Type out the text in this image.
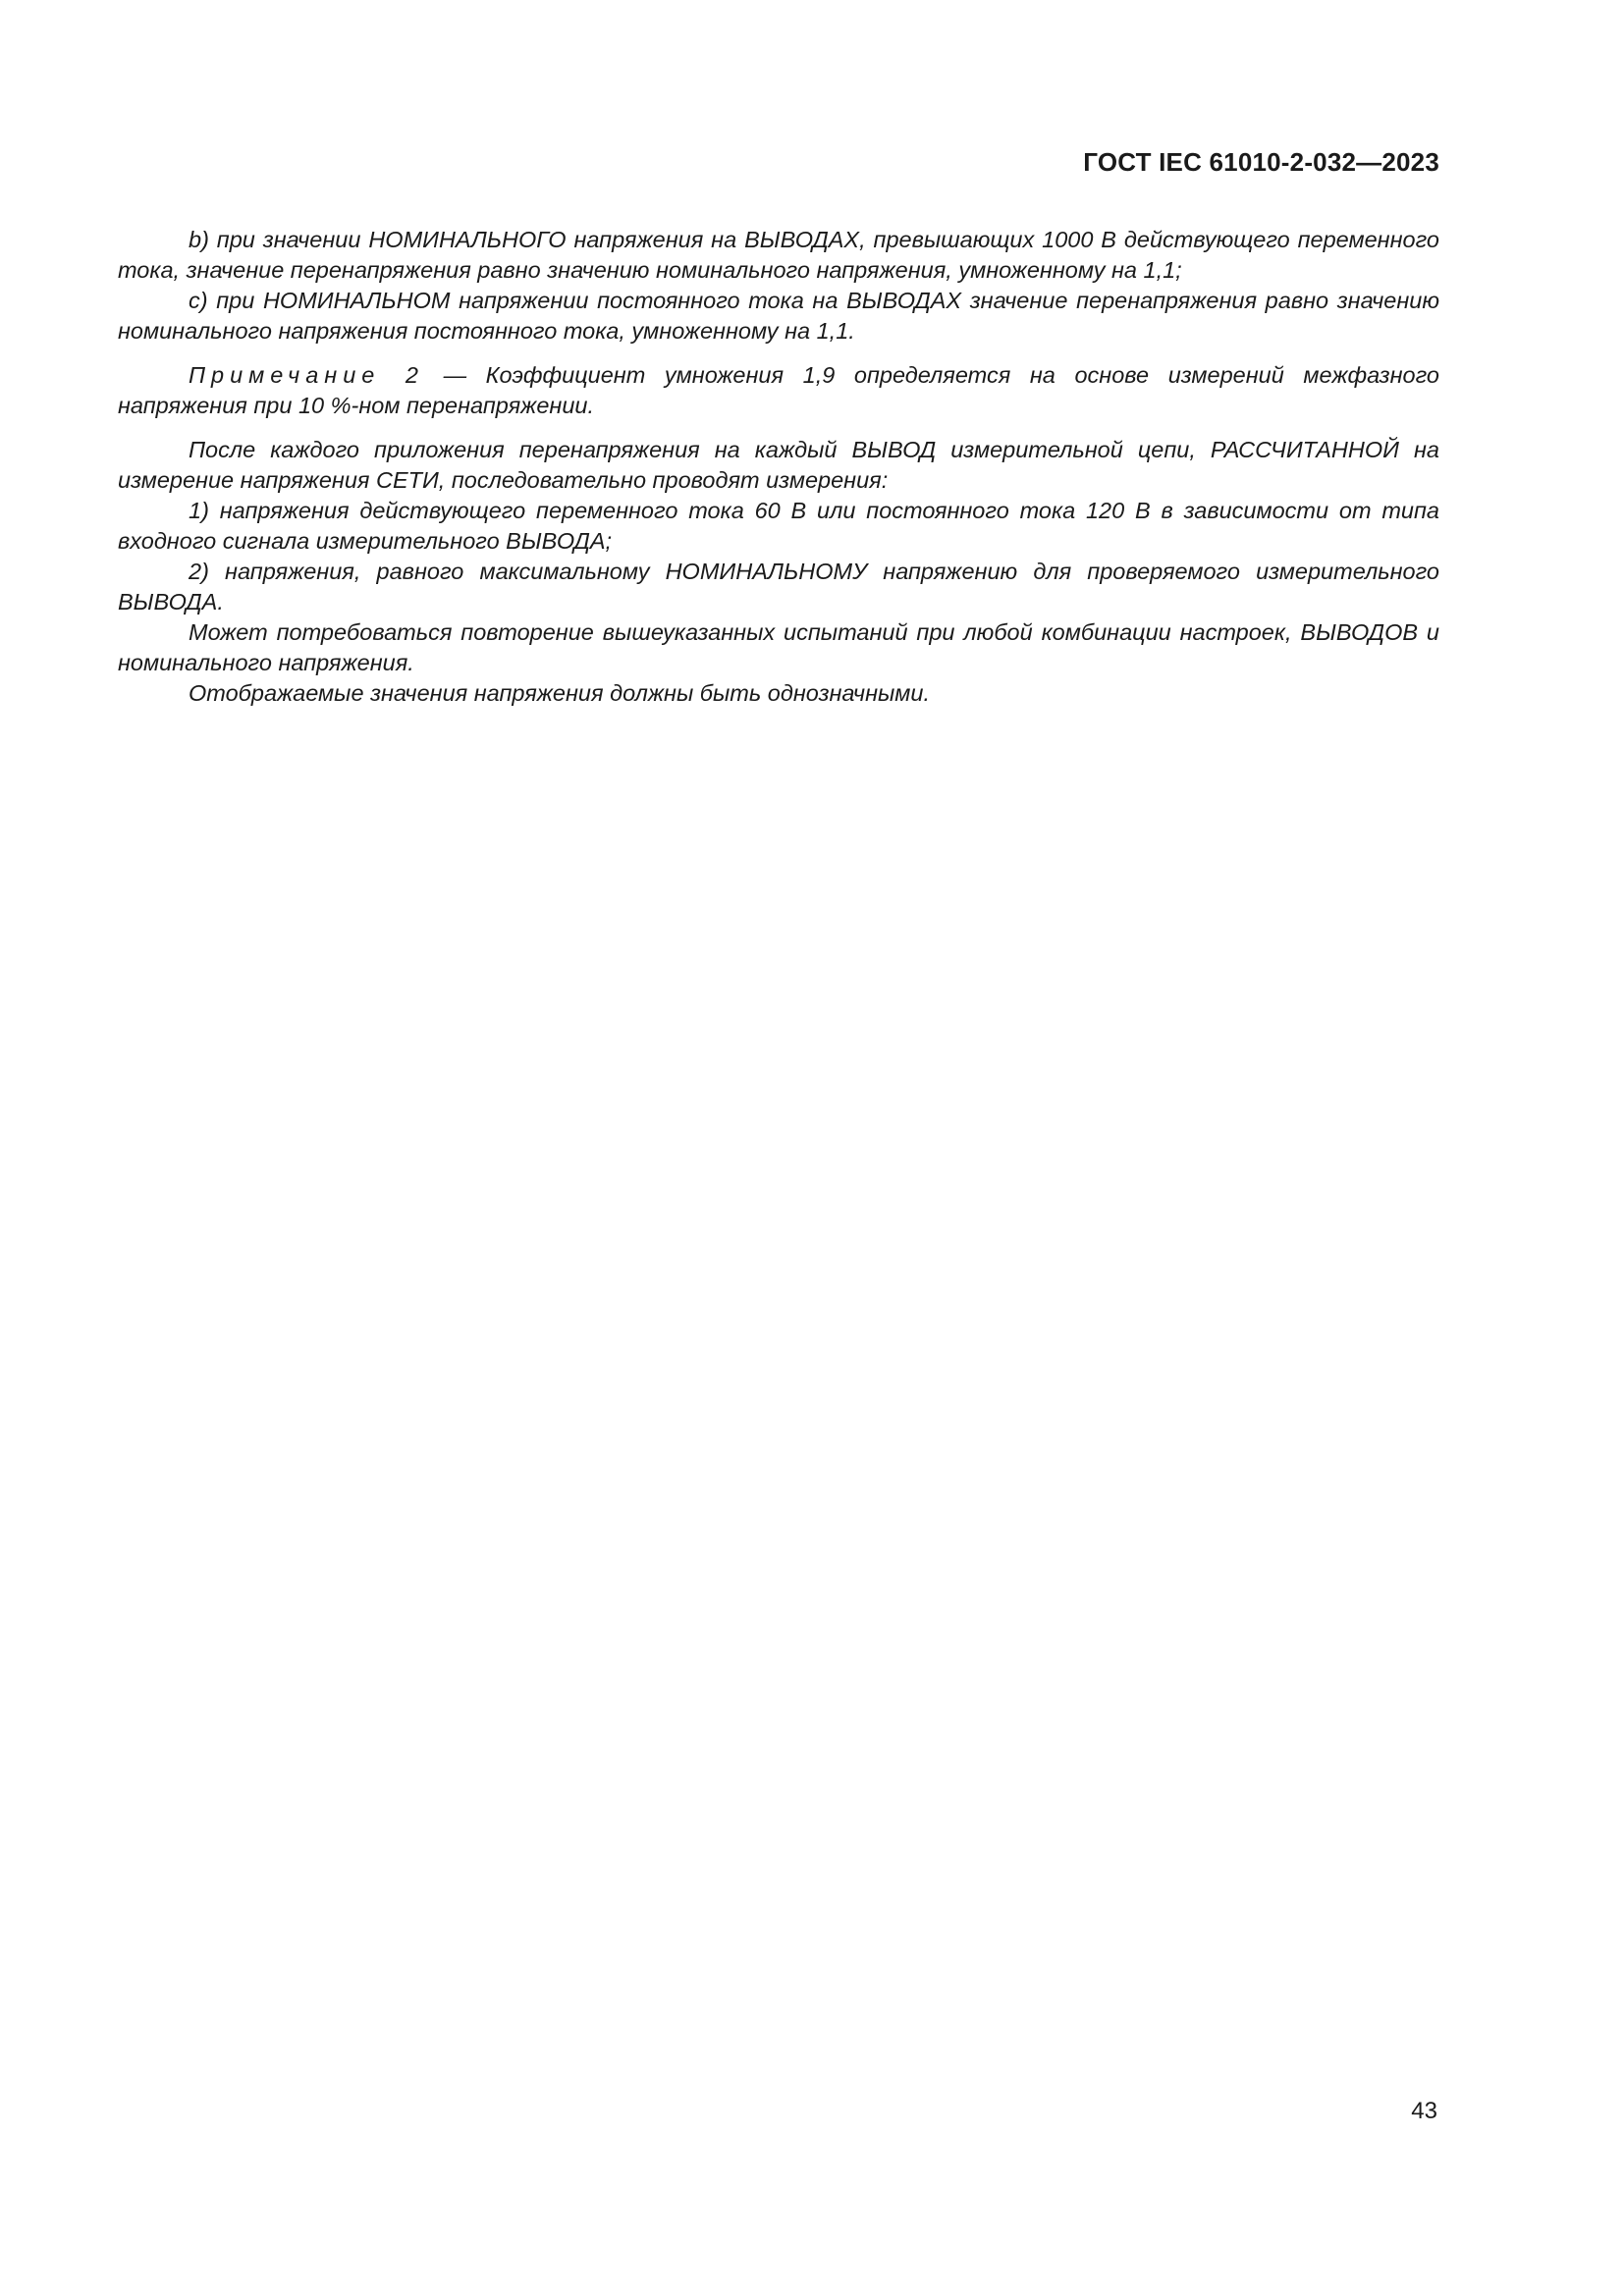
ГОСТ IEC 61010-2-032—2023

b) при значении НОМИНАЛЬНОГО напряжения на ВЫВОДАХ, превышающих 1000 В действующего переменного тока, значение перенапряжения равно значению номинального напряжения, умноженному на 1,1;

c) при НОМИНАЛЬНОМ напряжении постоянного тока на ВЫВОДАХ значение перенапряжения равно значению номинального напряжения постоянного тока, умноженному на 1,1.

Примечание 2 — Коэффициент умножения 1,9 определяется на основе измерений межфазного напряжения при 10 %-ном перенапряжении.

После каждого приложения перенапряжения на каждый ВЫВОД измерительной цепи, РАССЧИТАННОЙ на измерение напряжения СЕТИ, последовательно проводят измерения:

1) напряжения действующего переменного тока 60 В или постоянного тока 120 В в зависимости от типа входного сигнала измерительного ВЫВОДА;

2) напряжения, равного максимальному НОМИНАЛЬНОМУ напряжению для проверяемого измерительного ВЫВОДА.

Может потребоваться повторение вышеуказанных испытаний при любой комбинации настроек, ВЫВОДОВ и номинального напряжения.

Отображаемые значения напряжения должны быть однозначными.

43
